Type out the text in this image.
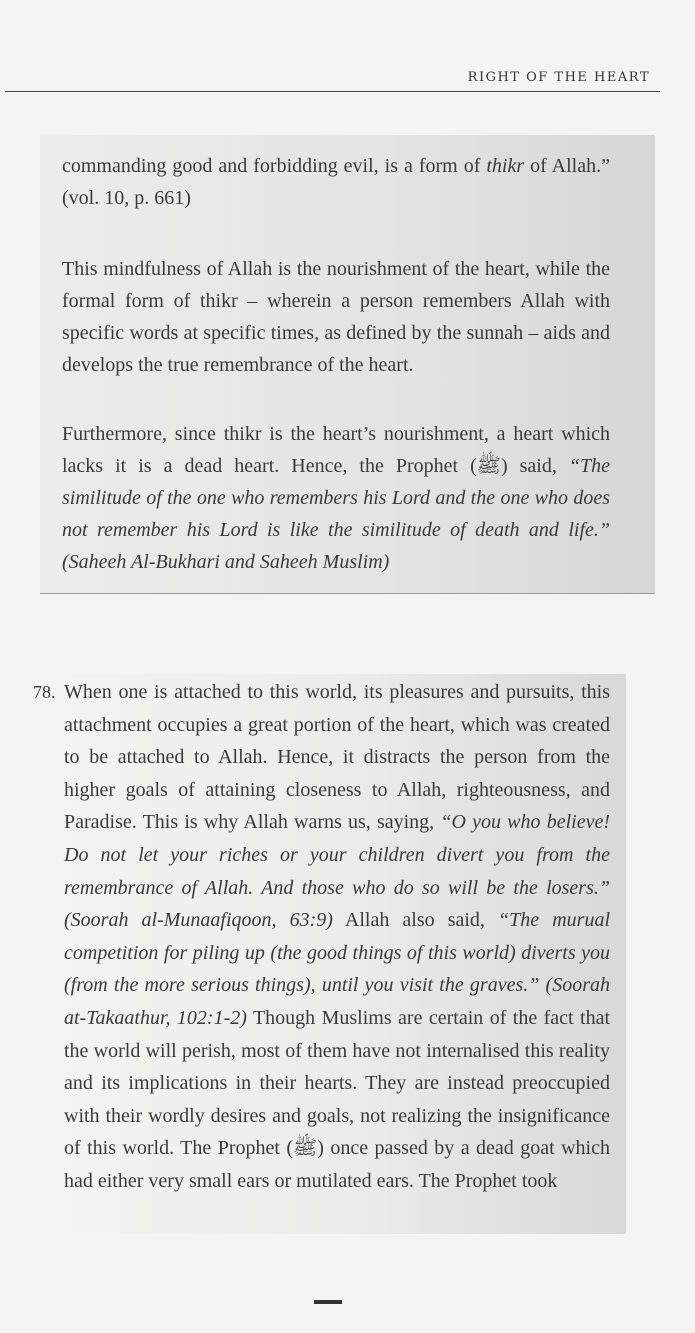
RIGHT OF THE HEART

commanding good and forbidding evil, is a form of thikr of Allah.” (vol. 10, p. 661)

This mindfulness of Allah is the nourishment of the heart, while the formal form of thikr – wherein a person remembers Allah with specific words at specific times, as defined by the sunnah – aids and develops the true remembrance of the heart.

Furthermore, since thikr is the heart’s nourishment, a heart which lacks it is a dead heart. Hence, the Prophet (ﷺ) said, “The similitude of the one who remembers his Lord and the one who does not remember his Lord is like the similitude of death and life.” (Saheeh Al-Bukhari and Saheeh Muslim)

78. When one is attached to this world, its pleasures and pursuits, this attachment occupies a great portion of the heart, which was created to be attached to Allah. Hence, it distracts the person from the higher goals of attaining closeness to Allah, righteousness, and Paradise. This is why Allah warns us, saying, “O you who believe! Do not let your riches or your children divert you from the remembrance of Allah. And those who do so will be the losers.” (Soorah al-Munaafiqoon, 63:9) Allah also said, “The murual competition for piling up (the good things of this world) diverts you (from the more serious things), until you visit the graves.” (Soorah at-Takaathur, 102:1-2) Though Muslims are certain of the fact that the world will perish, most of them have not internalised this reality and its implications in their hearts. They are instead preoccupied with their wordly desires and goals, not realizing the insignificance of this world. The Prophet (ﷺ) once passed by a dead goat which had either very small ears or mutilated ears. The Prophet took
